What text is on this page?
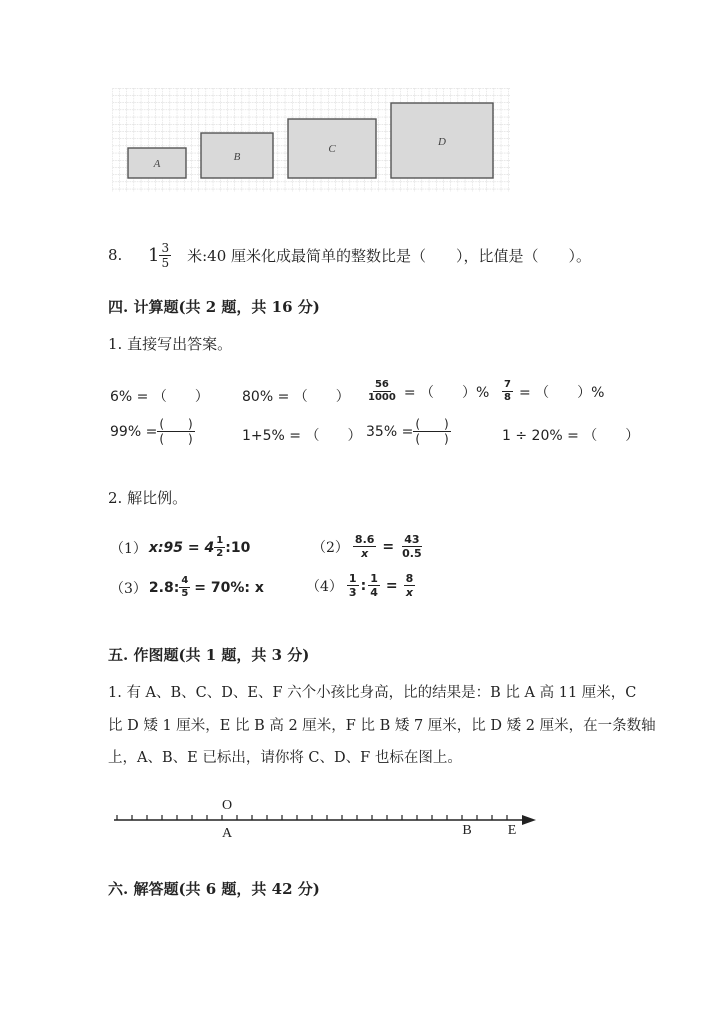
A
B
C
D
8.	$1 \frac{3}{5}$ 米:40 厘米化成最简单的整数比是（　　），比值是（　　）。
四. 计算题(共 2 题，共 16 分)
1. 直接写出答案。
6% = （　　） 80% = （　　） $\frac{56}{1000}$ = （　　）% $\frac{7}{8}$ = （　　）%
$99\% = \frac{( )}{( )}$	1+5% = （　　） $35\% = \frac{( )}{( )}$	1 ÷ 20% = （　　）
2. 解比例。
（1） x:95 = $4 \frac{1}{2}$ :10	$(2) \frac{8.6}{x} = \frac{43}{0.5}$
（3） 2.8: $\frac{4}{5} = 70\%$: x	$(4) \frac{1}{3}$ : $\frac{1}{4} = \frac{8}{x}$
五. 作图题(共 1 题，共 3 分)
1. 有 A、B、C、D、E、F 六个小孩比身高，比的结果是：B 比 A 高 11 厘米，C
比 D 矮 1 厘米，E 比 B 高 2 厘米，F 比 B 矮 7 厘米，比 D 矮 2 厘米，在一条数轴
上，A、B、E 已标出，请你将 C、D、F 也标在图上。
O
A	B	E
六. 解答题(共 6 题，共 42 分)
